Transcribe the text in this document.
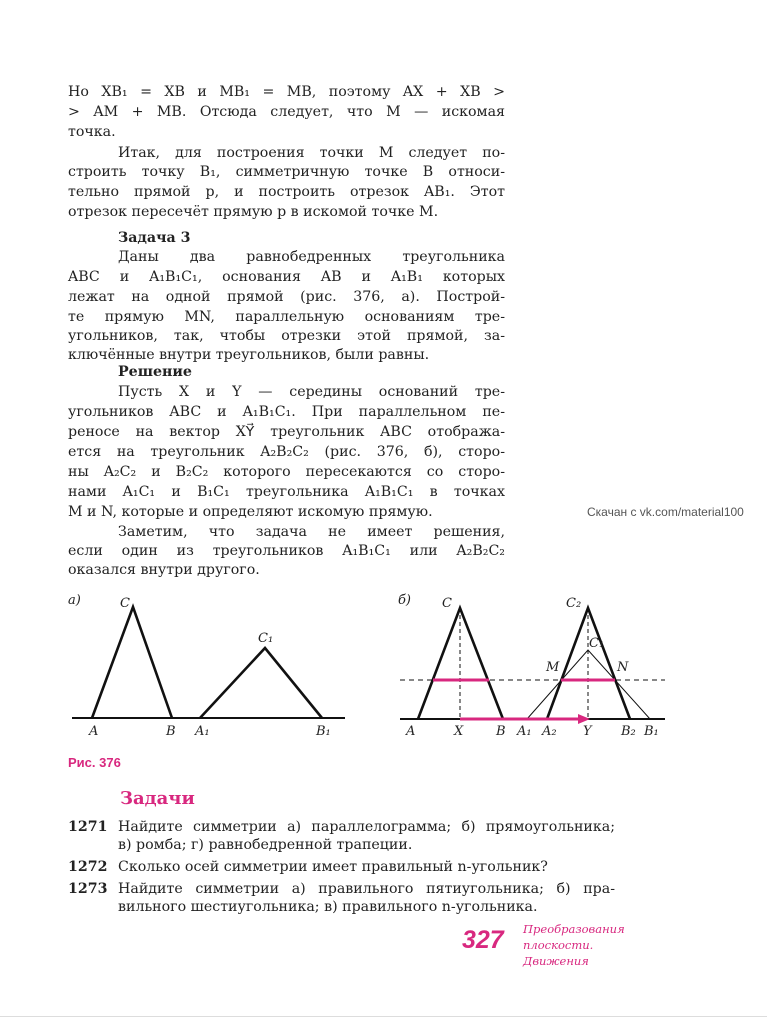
Но XB₁ = XB и MB₁ = MB, поэтому AX + XB >
> AM + MB. Отсюда следует, что M — искомая
точка.
Итак, для построения точки M следует по-
строить точку B₁, симметричную точке B относи-
тельно прямой p, и построить отрезок AB₁. Этот
отрезок пересечёт прямую p в искомой точке M.
Задача 3
Даны два равнобедренных треугольника
ABC и A₁B₁C₁, основания AB и A₁B₁ которых
лежат на одной прямой (рис. 376, а). Построй-
те прямую MN, параллельную основаниям тре-
угольников, так, чтобы отрезки этой прямой, за-
ключённые внутри треугольников, были равны.
Решение
Пусть X и Y — середины оснований тре-
угольников ABC и A₁B₁C₁. При параллельном пе-
реносе на вектор XY⃗ треугольник ABC отобража-
ется на треугольник A₂B₂C₂ (рис. 376, б), сторо-
ны A₂C₂ и B₂C₂ которого пересекаются со сторо-
нами A₁C₁ и B₁C₁ треугольника A₁B₁C₁ в точках
M и N, которые и определяют искомую прямую.
Заметим, что задача не имеет решения,
если один из треугольников A₁B₁C₁ или A₂B₂C₂
оказался внутри другого.
Скачан с vk.com/material100
а)	C
C₁
A	B A₁	B₁
б) C	C₂
C₁
M	N
A	X	B A₁ A₂ Y B₂ B₁
Рис. 376
Задачи
1271 Найдите симметрии а) параллелограмма; б) прямоугольника;
в) ромба; г) равнобедренной трапеции.
1272 Сколько осей симметрии имеет правильный n-угольник?
1273 Найдите симметрии а) правильного пятиугольника; б) пра-
вильного шестиугольника; в) правильного n-угольника.
327 Преобразования
плоскости.
Движения
